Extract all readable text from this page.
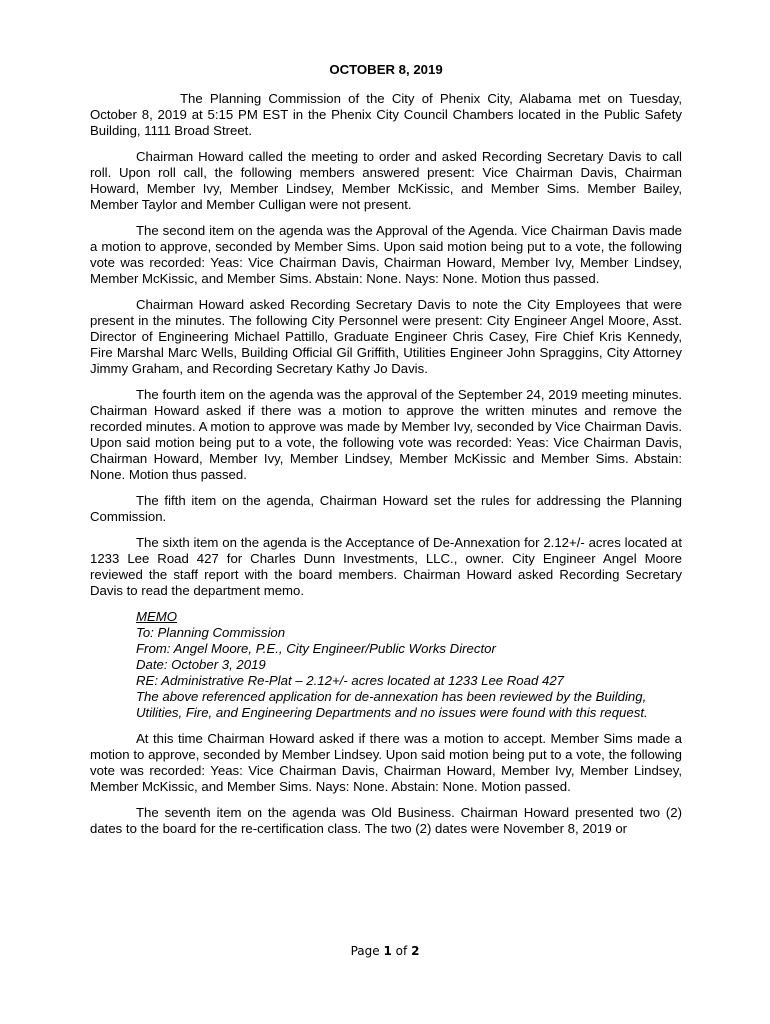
OCTOBER 8, 2019

The Planning Commission of the City of Phenix City, Alabama met on Tuesday, October 8, 2019 at 5:15 PM EST in the Phenix City Council Chambers located in the Public Safety Building, 1111 Broad Street.

Chairman Howard called the meeting to order and asked Recording Secretary Davis to call roll. Upon roll call, the following members answered present: Vice Chairman Davis, Chairman Howard, Member Ivy, Member Lindsey, Member McKissic, and Member Sims. Member Bailey, Member Taylor and Member Culligan were not present.

The second item on the agenda was the Approval of the Agenda. Vice Chairman Davis made a motion to approve, seconded by Member Sims. Upon said motion being put to a vote, the following vote was recorded: Yeas: Vice Chairman Davis, Chairman Howard, Member Ivy, Member Lindsey, Member McKissic, and Member Sims. Abstain: None. Nays: None. Motion thus passed.

Chairman Howard asked Recording Secretary Davis to note the City Employees that were present in the minutes. The following City Personnel were present: City Engineer Angel Moore, Asst. Director of Engineering Michael Pattillo, Graduate Engineer Chris Casey, Fire Chief Kris Kennedy, Fire Marshal Marc Wells, Building Official Gil Griffith, Utilities Engineer John Spraggins, City Attorney Jimmy Graham, and Recording Secretary Kathy Jo Davis.

The fourth item on the agenda was the approval of the September 24, 2019 meeting minutes. Chairman Howard asked if there was a motion to approve the written minutes and remove the recorded minutes. A motion to approve was made by Member Ivy, seconded by Vice Chairman Davis. Upon said motion being put to a vote, the following vote was recorded: Yeas: Vice Chairman Davis, Chairman Howard, Member Ivy, Member Lindsey, Member McKissic and Member Sims. Abstain: None. Motion thus passed.

The fifth item on the agenda, Chairman Howard set the rules for addressing the Planning Commission.

The sixth item on the agenda is the Acceptance of De-Annexation for 2.12+/- acres located at 1233 Lee Road 427 for Charles Dunn Investments, LLC., owner. City Engineer Angel Moore reviewed the staff report with the board members. Chairman Howard asked Recording Secretary Davis to read the department memo.

MEMO
To: Planning Commission
From: Angel Moore, P.E., City Engineer/Public Works Director
Date: October 3, 2019
RE: Administrative Re-Plat – 2.12+/- acres located at 1233 Lee Road 427
The above referenced application for de-annexation has been reviewed by the Building, Utilities, Fire, and Engineering Departments and no issues were found with this request.

At this time Chairman Howard asked if there was a motion to accept. Member Sims made a motion to approve, seconded by Member Lindsey. Upon said motion being put to a vote, the following vote was recorded: Yeas: Vice Chairman Davis, Chairman Howard, Member Ivy, Member Lindsey, Member McKissic, and Member Sims. Nays: None. Abstain: None. Motion passed.

The seventh item on the agenda was Old Business. Chairman Howard presented two (2) dates to the board for the re-certification class. The two (2) dates were November 8, 2019 or

Page 1 of 2
